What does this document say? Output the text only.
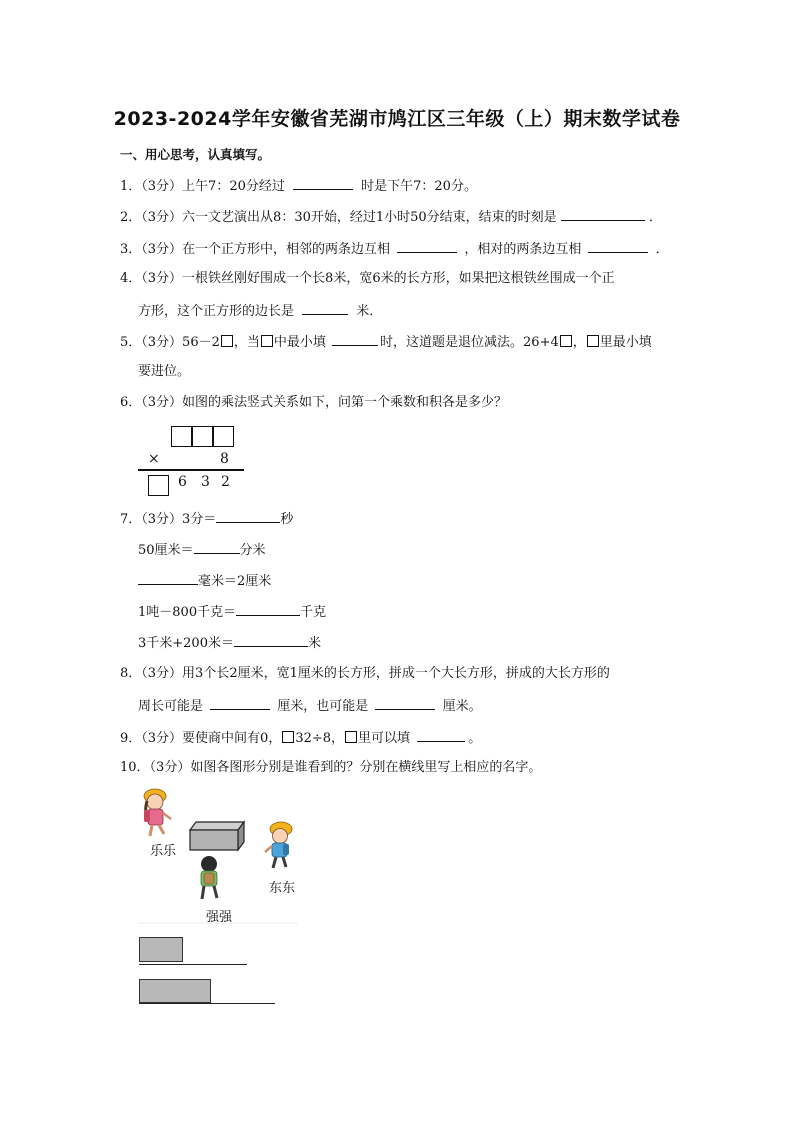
2023-2024学年安徽省芜湖市鸠江区三年级（上）期末数学试卷
一、用心思考，认真填写。
1．（3分）上午7：20分经过	时是下午7：20分。
2．（3分）六一文艺演出从8：30开始，经过1小时50分结束，结束的时刻是	．
3．（3分）在一个正方形中，相邻的两条边互相	，相对的两条边互相	．
4．（3分）一根铁丝刚好围成一个长8米，宽6米的长方形，如果把这根铁丝围成一个正
方形，这个正方形的边长是	米．
5．（3分）56－2 ，当 中最小填	时，这道题是退位减法。26+4 ， 里最小填
要进位。
6．（3分）如图的乘法竖式关系如下，问第一个乘数和积各是多少？
×	8
6 3 2
7．（3分）3分＝	秒
50厘米＝	分米
毫米＝2厘米
1吨－800千克＝	千克
3千米+200米＝	米
8．（3分）用3个长2厘米，宽1厘米的长方形，拼成一个大长方形，拼成的大长方形的
周长可能是	厘米，也可能是	厘米。
9．（3分）要使商中间有0， 32÷8， 里可以填	。
10．（3分）如图各图形分别是谁看到的？分别在横线里写上相应的名字。
乐乐
东东
强强
